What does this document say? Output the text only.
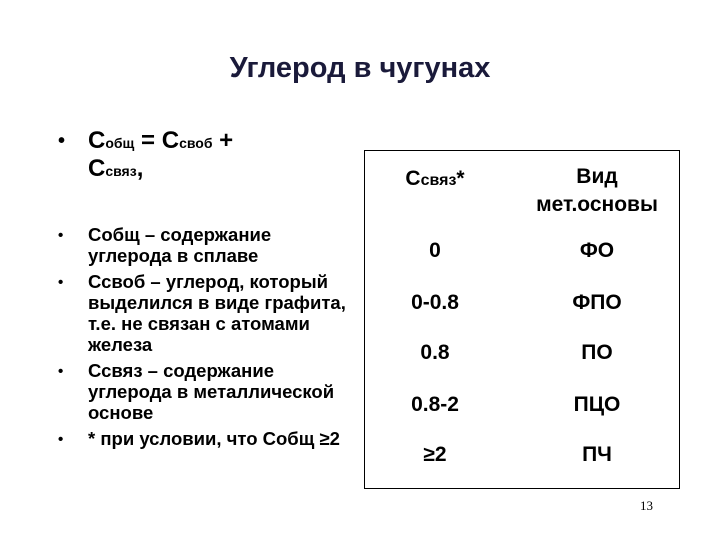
Углерод в чугунах
• Собщ = Ссвоб +
Ссвяз,
• Собщ – содержание углерода в сплаве
• Ссвоб – углерод, который выделился в виде графита, т.е. не связан с атомами железа
• Ссвяз – содержание углерода в металлической основе
• * при условии, что Собщ ≥2
Ссвяз*	Вид мет.основы
0	ФО
0-0.8	ФПО
0.8	ПО
0.8-2	ПЦО
≥2	ПЧ
13
